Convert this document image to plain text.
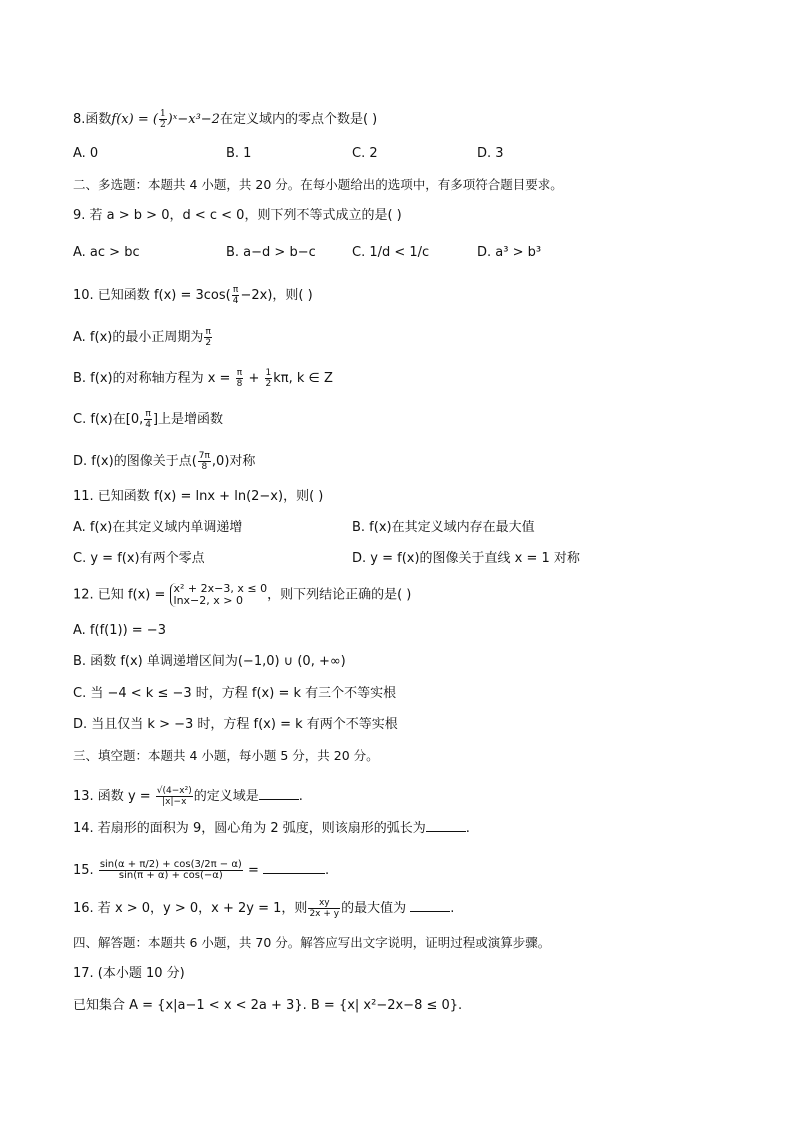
8.函数f(x) = ( $\frac{1}{2}$ )ˣ−x³−2在定义域内的零点个数是( )
A. 0	B. 1	C. 2	D. 3
二、多选题：本题共 4 小题，共 20 分。在每小题给出的选项中，有多项符合题目要求。
9. 若 a > b > 0，d < c < 0，则下列不等式成立的是( )
A. ac > bc	B. a−d > b−c	C. 1/d < 1/c	D. a³ > b³
10. 已知函数 $f(x) = 3\cos( \frac{\pi}{4} -2x)$，则( )
A. f(x)的最小正周期为 $\frac{\pi}{2}$
B. f(x)的对称轴方程为 $x = \frac{\pi}{8} + \frac{1}{2} k\pi$, k ∈ Z
C. f(x)在[0, $\frac{\pi}{4}$ ]上是增函数
D. f(x)的图像关于点( $\frac{7\pi}{8} ,0$)对称
11. 已知函数 f(x) = lnx + ln(2−x)，则( )
A. f(x)在其定义域内单调递增	B. f(x)在其定义域内存在最大值
C. y = f(x)有两个零点	D. y = f(x)的图像关于直线 x = 1 对称
12. 已知 f(x) = x² + 2x−3, x ≤ 0
lnx−2, x > 0	，则下列结论正确的是( )
A. f(f(1)) = −3
B. 函数 f(x) 单调递增区间为(−1,0) ∪ (0, +∞)
C. 当 −4 < k ≤ −3 时，方程 f(x) = k 有三个不等实根
D. 当且仅当 k > −3 时，方程 f(x) = k 有两个不等实根
三、填空题：本题共 4 小题，每小题 5 分，共 20 分。
13. 函数 $y = \frac{\text{√(4−x²)}}{|x|-x}$ 的定义域是	.
14. 若扇形的面积为 9，圆心角为 2 弧度，则该扇形的弧长为	.
15. $\frac{\sin(\alpha + \pi/2) + \cos(3/2\pi - \alpha)}{\sin(\pi + \alpha) + \cos(-\alpha)}$ =	.
16. 若 x > 0，y > 0，x + 2y = 1，则 $\frac{xy}{2x + y}$ 的最大值为	.
四、解答题：本题共 6 小题，共 70 分。解答应写出文字说明，证明过程或演算步骤。
17. (本小题 10 分)
已知集合 A = {x|a−1 < x < 2a + 3}. B = {x| x²−2x−8 ≤ 0}.
